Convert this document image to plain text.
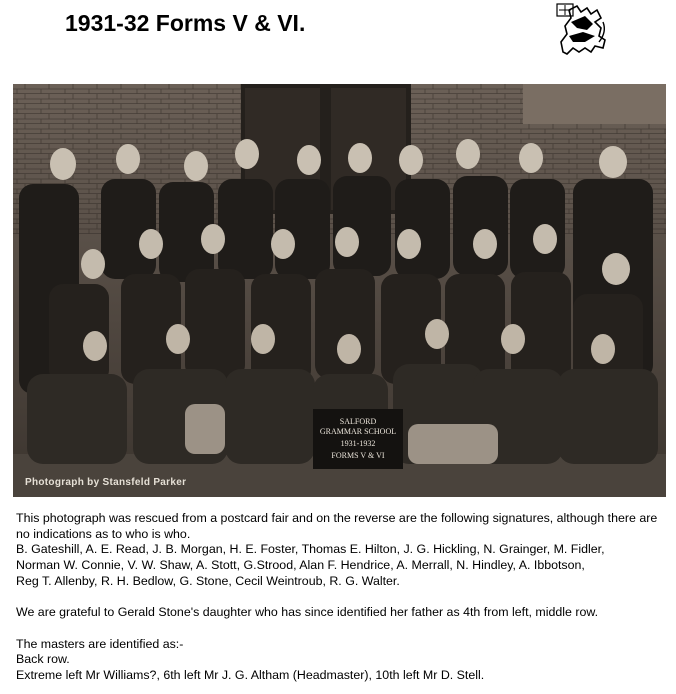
1931-32 Forms V & VI.
SALFORD
GRAMMAR SCHOOL
1931-1932
FORMS V & VI
Photograph by Stansfeld Parker

This photograph was rescued from a postcard fair and on the reverse are the following signatures, although there are no indications as to who is who.

B. Gateshill, A. E. Read, J. B. Morgan, H. E. Foster, Thomas E. Hilton, J. G. Hickling, N. Grainger, M. Fidler,

Norman W. Connie, V. W. Shaw, A. Stott, G.Strood, Alan F. Hendrice, A. Merrall, N. Hindley, A. Ibbotson,

Reg T. Allenby, R. H. Bedlow, G. Stone, Cecil Weintroub, R. G. Walter.

We are grateful to Gerald Stone's daughter who has since identified her father as 4th from left, middle row.

The masters are identified as:-

Back row.

Extreme left Mr Williams?, 6th left Mr J. G. Altham (Headmaster), 10th left Mr D. Stell.
